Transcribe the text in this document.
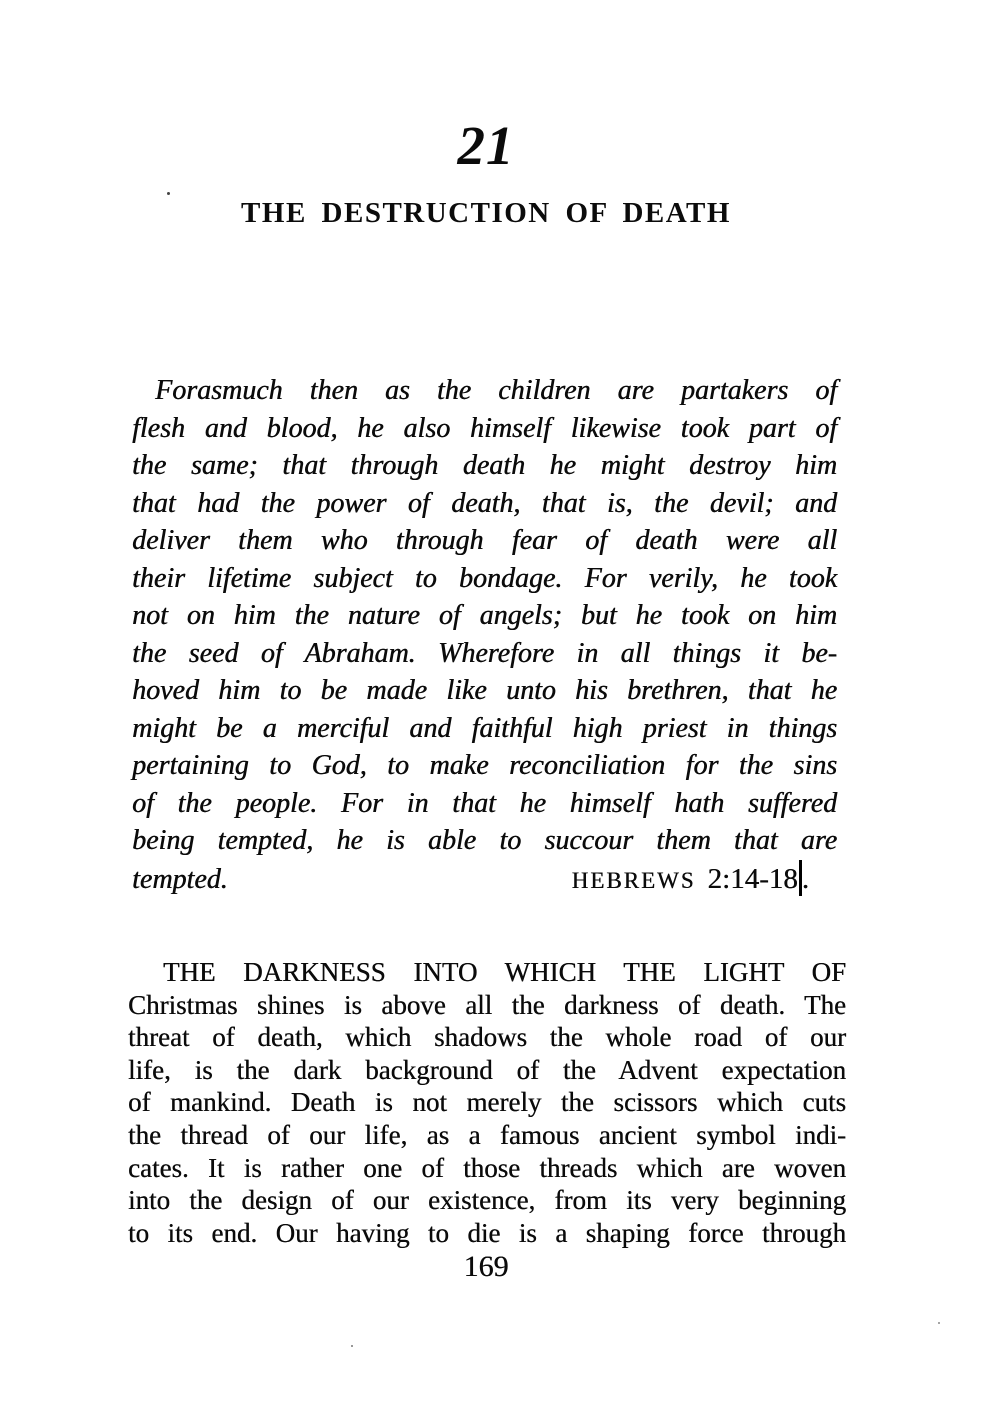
21
THE DESTRUCTION OF DEATH
Forasmuch then as the children are partakers of
flesh and blood, he also himself likewise took part of
the same; that through death he might destroy him
that had the power of death, that is, the devil; and
deliver them who through fear of death were all
their lifetime subject to bondage. For verily, he took
not on him the nature of angels; but he took on him
the seed of Abraham. Wherefore in all things it be-
hoved him to be made like unto his brethren, that he
might be a merciful and faithful high priest in things
pertaining to God, to make reconciliation for the sins
of the people. For in that he himself hath suffered
being tempted, he is able to succour them that are
tempted.	HEBREWS 2:14-18 .
THE DARKNESS INTO WHICH THE LIGHT OF
Christmas shines is above all the darkness of death. The
threat of death, which shadows the whole road of our
life, is the dark background of the Advent expectation
of mankind. Death is not merely the scissors which cuts
the thread of our life, as a famous ancient symbol indi-
cates. It is rather one of those threads which are woven
into the design of our existence, from its very beginning
to its end. Our having to die is a shaping force through
169
